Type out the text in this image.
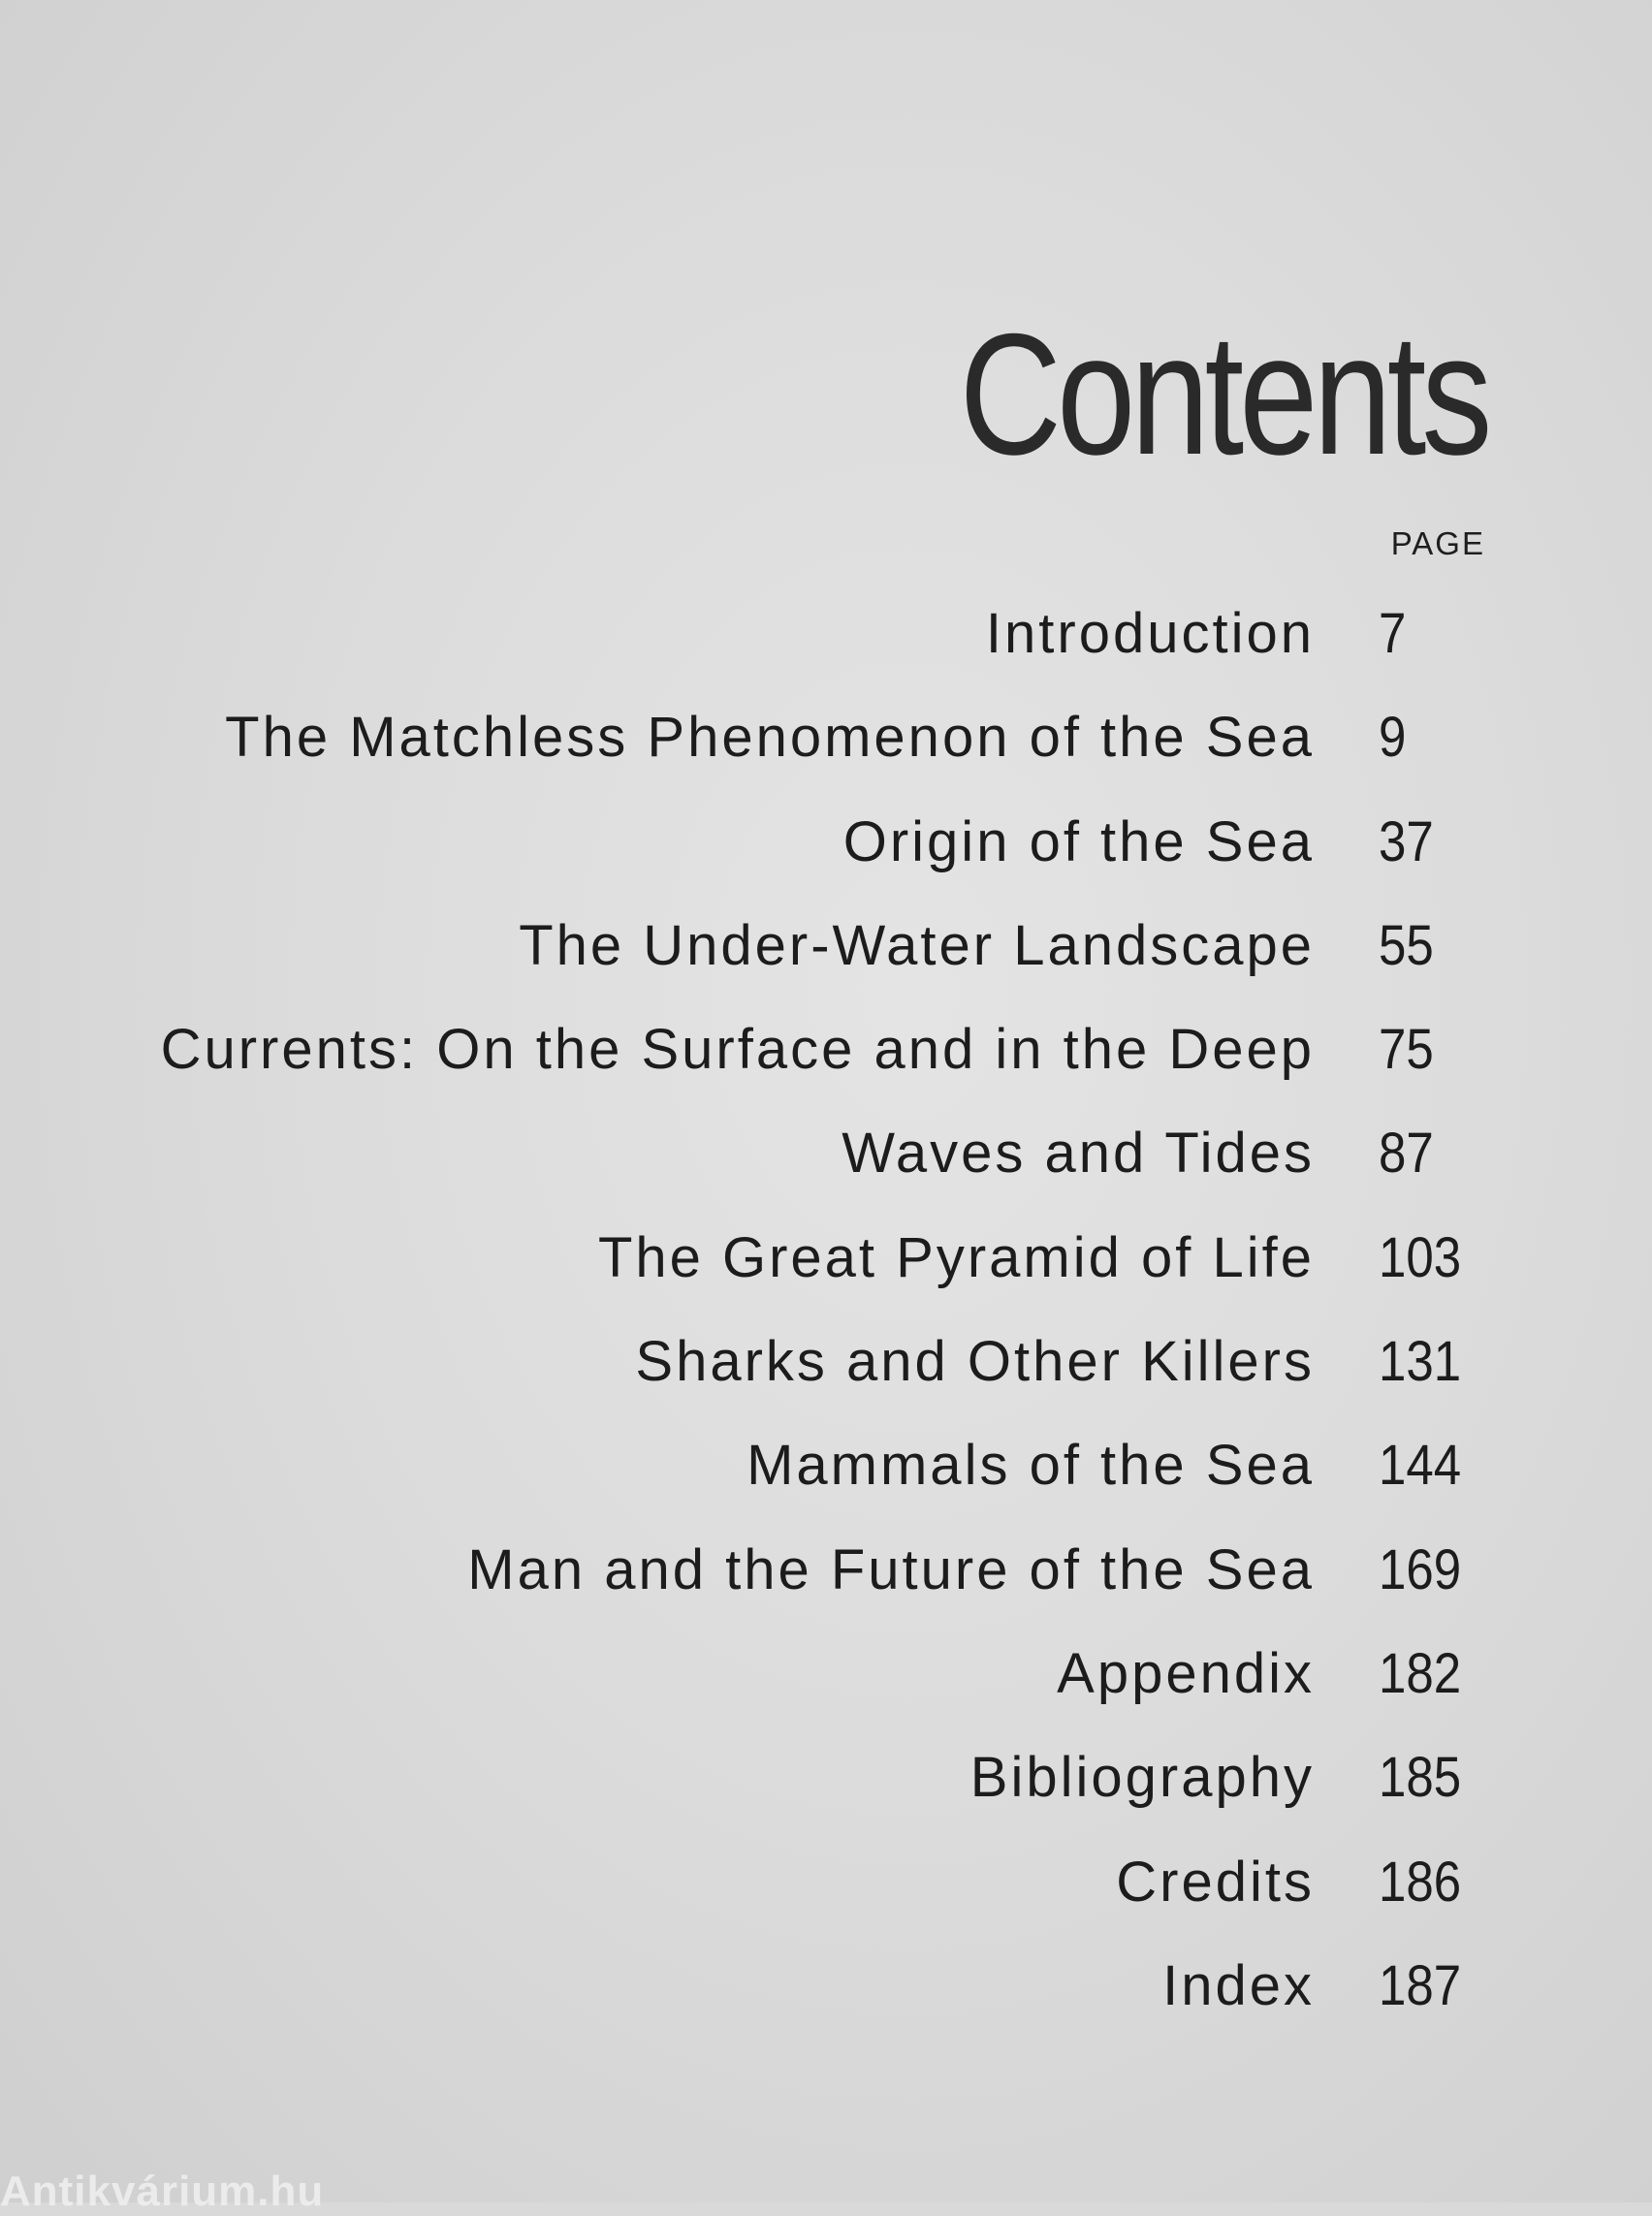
Contents
PAGE
Introduction 7
The Matchless Phenomenon of the Sea 9
Origin of the Sea 37
The Under-Water Landscape 55
Currents: On the Surface and in the Deep 75
Waves and Tides 87
The Great Pyramid of Life 103
Sharks and Other Killers 131
Mammals of the Sea 144
Man and the Future of the Sea 169
Appendix 182
Bibliography 185
Credits 186
Index 187
Antikvárium.hu
